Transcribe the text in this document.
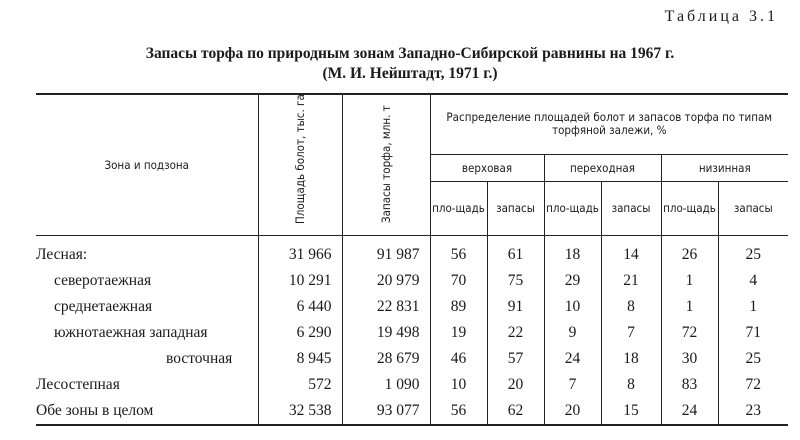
Таблица 3.1
Запасы торфа по природным зонам Западно-Сибирской равнины на 1967 г.
(М. И. Нейштадт, 1971 г.)
Зона и подзона	Площадь болот, тыс. га	Запасы торфа, млн. т	Распределение площадей болот и запасов торфа по типам торфяной залежи, %					
			верховая		переходная		низинная	
			пло-щадь	запасы	пло-щадь	запасы	пло-щадь	запасы
Лесная:	31 966	91 987	56	61	18	14	26	25
северотаежная	10 291	20 979	70	75	29	21	1	4
среднетаежная	6 440	22 831	89	91	10	8	1	1
южнотаежная западная	6 290	19 498	19	22	9	7	72	71
восточная	8 945	28 679	46	57	24	18	30	25
Лесостепная	572	1 090	10	20	7	8	83	72
Обе зоны в целом	32 538	93 077	56	62	20	15	24	23
